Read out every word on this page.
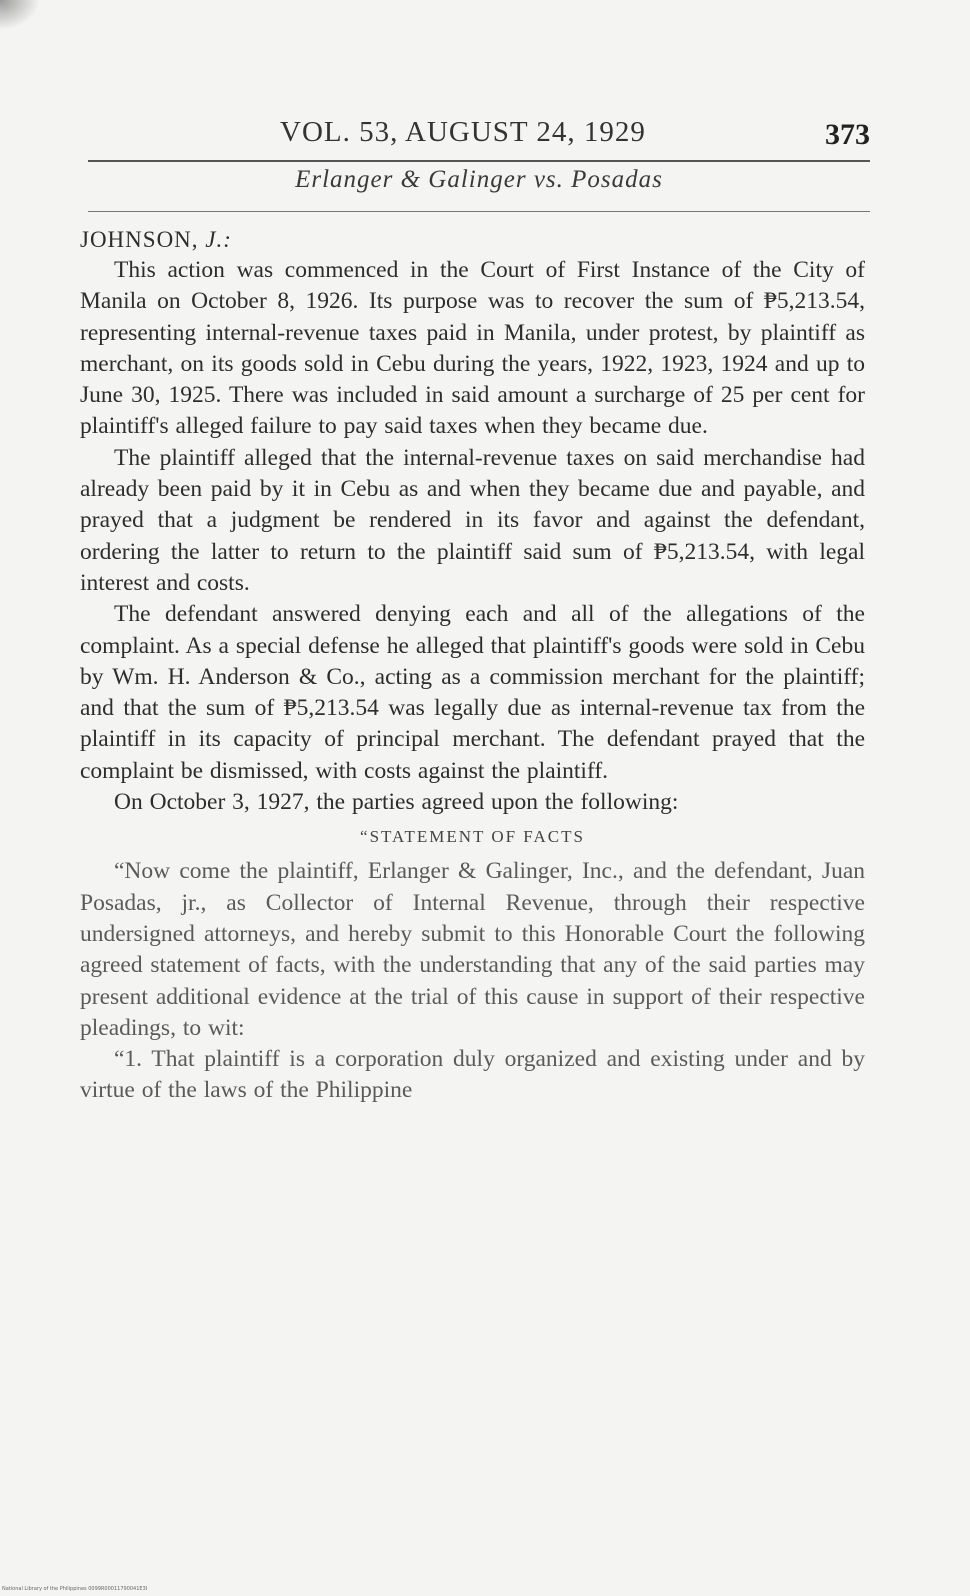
VOL. 53, AUGUST 24, 1929	373
Erlanger & Galinger vs. Posadas

JOHNSON, J.:

This action was commenced in the Court of First Instance of the City of Manila on October 8, 1926. Its purpose was to recover the sum of ₱5,213.54, representing internal-revenue taxes paid in Manila, under protest, by plaintiff as merchant, on its goods sold in Cebu during the years, 1922, 1923, 1924 and up to June 30, 1925. There was included in said amount a surcharge of 25 per cent for plaintiff's alleged failure to pay said taxes when they became due.

The plaintiff alleged that the internal-revenue taxes on said merchandise had already been paid by it in Cebu as and when they became due and payable, and prayed that a judgment be rendered in its favor and against the defendant, ordering the latter to return to the plaintiff said sum of ₱5,213.54, with legal interest and costs.

The defendant answered denying each and all of the allegations of the complaint. As a special defense he alleged that plaintiff's goods were sold in Cebu by Wm. H. Anderson & Co., acting as a commission merchant for the plaintiff; and that the sum of ₱5,213.54 was legally due as internal-revenue tax from the plaintiff in its capacity of principal merchant. The defendant prayed that the complaint be dismissed, with costs against the plaintiff.

On October 3, 1927, the parties agreed upon the following:

“STATEMENT OF FACTS

“Now come the plaintiff, Erlanger & Galinger, Inc., and the defendant, Juan Posadas, jr., as Collector of Internal Revenue, through their respective undersigned attorneys, and hereby submit to this Honorable Court the following agreed statement of facts, with the understanding that any of the said parties may present additional evidence at the trial of this cause in support of their respective pleadings, to wit:

“1. That plaintiff is a corporation duly organized and existing under and by virtue of the laws of the Philippine

National Library of the Philippines 0099R00011790041E3I
